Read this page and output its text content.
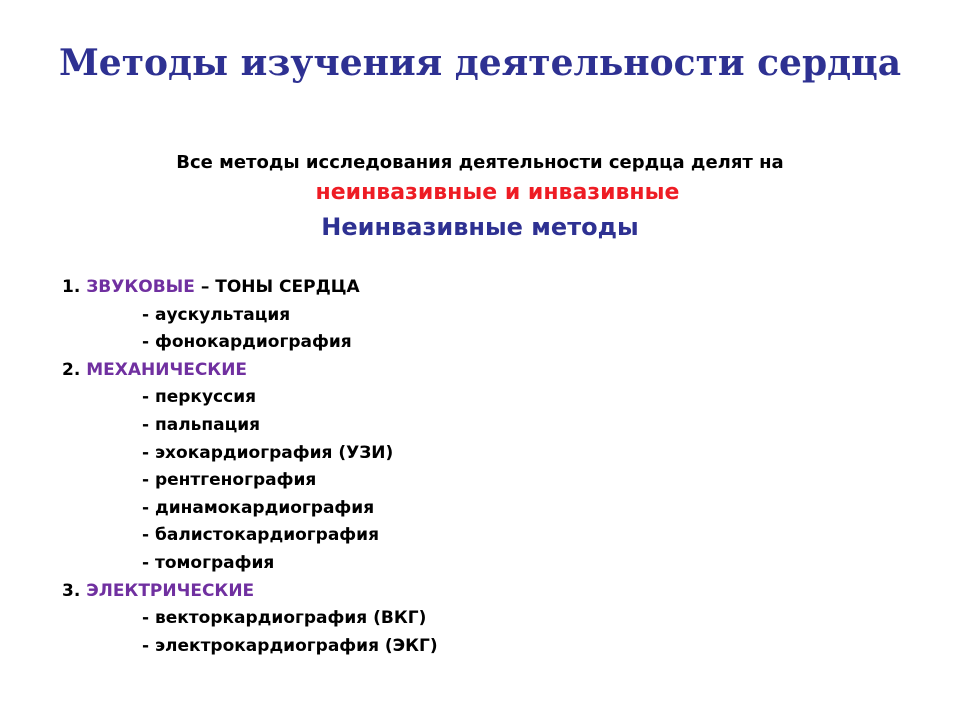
Методы изучения деятельности сердца
Все методы исследования деятельности сердца делят на
неинвазивные и инвазивные
Неинвазивные методы
1. ЗВУКОВЫЕ – ТОНЫ СЕРДЦА
- аускультация
- фонокардиография
2. МЕХАНИЧЕСКИЕ
- перкуссия
- пальпация
- эхокардиография (УЗИ)
- рентгенография
- динамокардиография
- балистокардиография
- томография
3. ЭЛЕКТРИЧЕСКИЕ
- векторкардиография (ВКГ)
- электрокардиография (ЭКГ)
